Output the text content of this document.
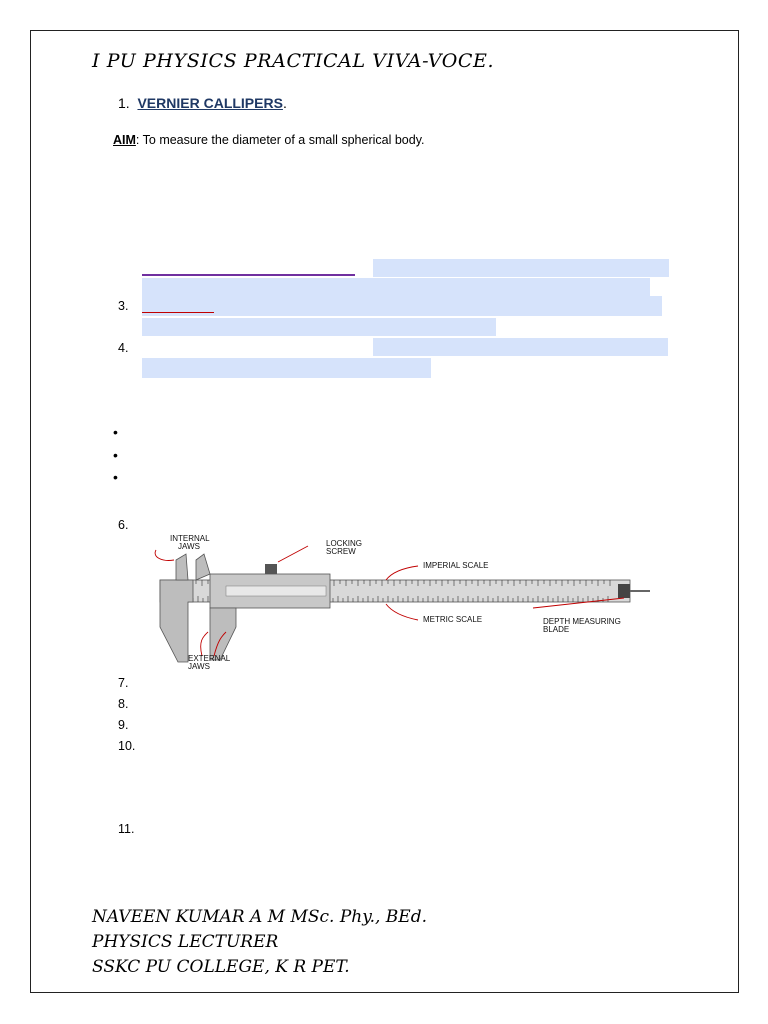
I PU PHYSICS PRACTICAL VIVA-VOCE.
1. VERNIER CALLIPERS.
AIM: To measure the diameter of a small spherical body.
3.
4.
•
•
•
6.
INTERNAL
JAWS	LOCKING
SCREW
IMPERIAL SCALE
METRIC SCALE	DEPTH MEASURING
BLADE
EXTERNAL
JAWS
7.
8.
9.
10.
11.
NAVEEN KUMAR A M MSc. Phy., BEd.
PHYSICS LECTURER
SSKC PU COLLEGE, K R PET.
